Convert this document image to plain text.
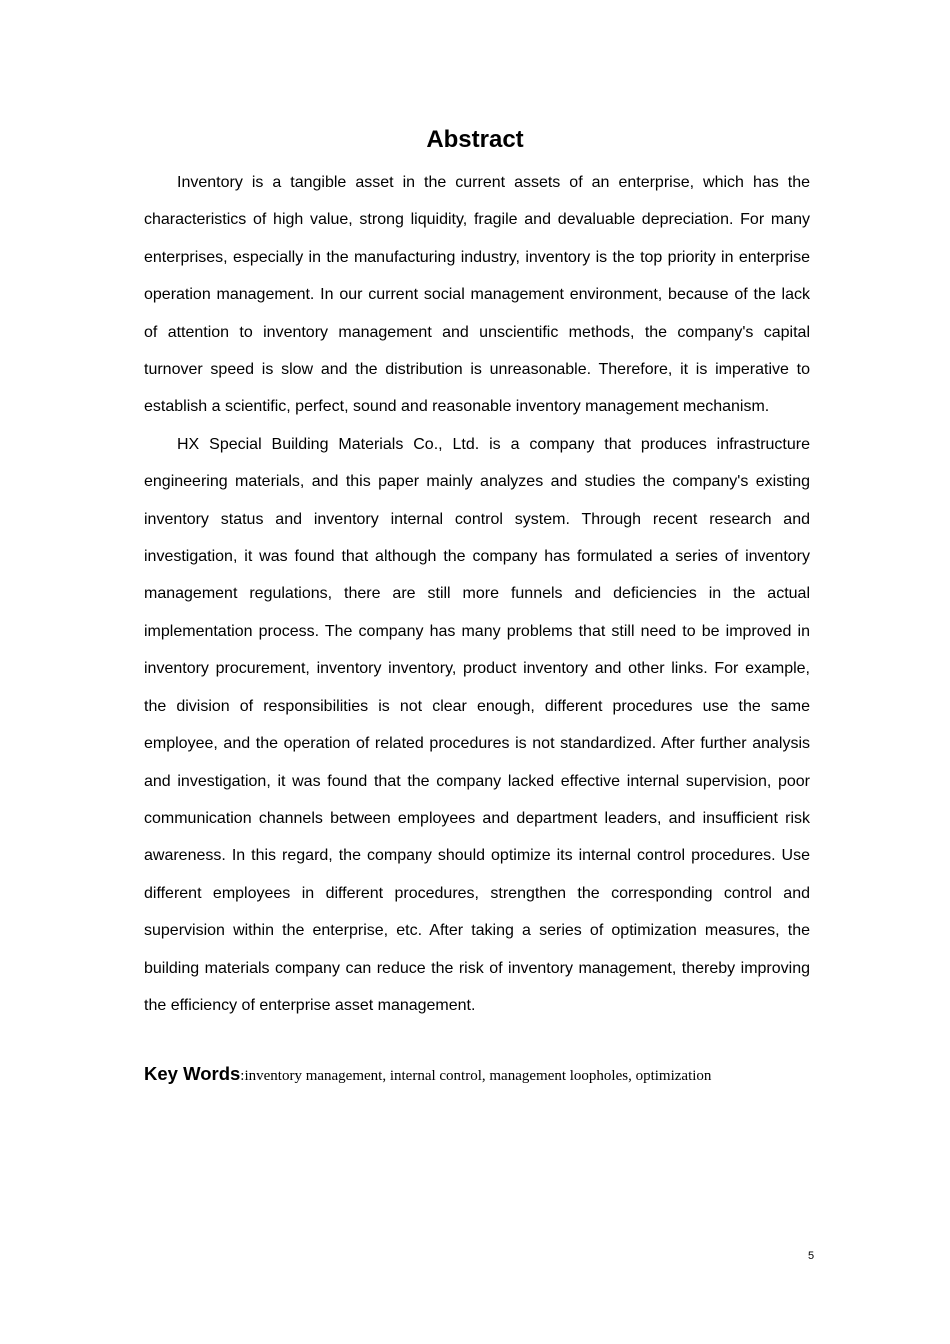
Abstract

Inventory is a tangible asset in the current assets of an enterprise, which has the characteristics of high value, strong liquidity, fragile and devaluable depreciation. For many enterprises, especially in the manufacturing industry, inventory is the top priority in enterprise operation management. In our current social management environment, because of the lack of attention to inventory management and unscientific methods, the company's capital turnover speed is slow and the distribution is unreasonable. Therefore, it is imperative to establish a scientific, perfect, sound and reasonable inventory management mechanism.

HX Special Building Materials Co., Ltd. is a company that produces infrastructure engineering materials, and this paper mainly analyzes and studies the company's existing inventory status and inventory internal control system. Through recent research and investigation, it was found that although the company has formulated a series of inventory management regulations, there are still more funnels and deficiencies in the actual implementation process. The company has many problems that still need to be improved in inventory procurement, inventory inventory, product inventory and other links. For example, the division of responsibilities is not clear enough, different procedures use the same employee, and the operation of related procedures is not standardized. After further analysis and investigation, it was found that the company lacked effective internal supervision, poor communication channels between employees and department leaders, and insufficient risk awareness. In this regard, the company should optimize its internal control procedures. Use different employees in different procedures, strengthen the corresponding control and supervision within the enterprise, etc. After taking a series of optimization measures, the building materials company can reduce the risk of inventory management, thereby improving the efficiency of enterprise asset management.

Key Words:inventory management, internal control, management loopholes, optimization

5
